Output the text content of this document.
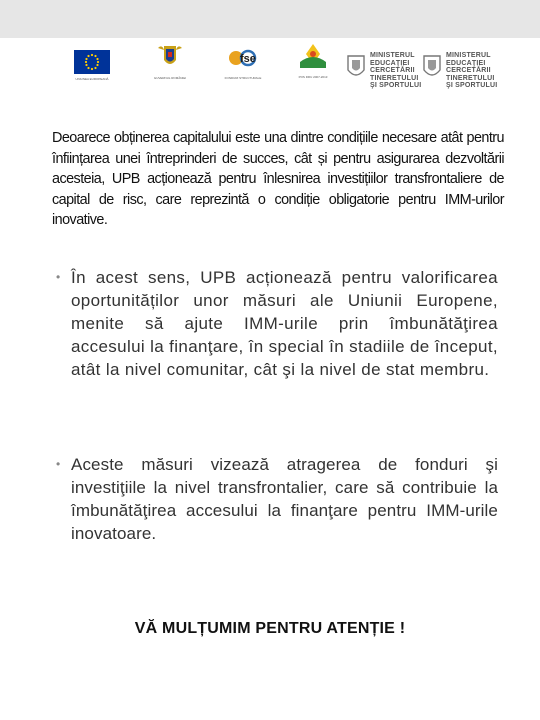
UNIUNEA EUROPEANĂ	GUVERNUL ROMÂNIEI
fse
FONDURI STRUCTURALE	POS DRU 2007-2013
MINISTERUL
EDUCAŢIEI
CERCETĂRII
TINERETULUI
ŞI SPORTULUI
MINISTERUL
EDUCAŢIEI
CERCETĂRII
TINERETULUI
ŞI SPORTULUI

Deoarece obținerea capitalului este una dintre condițiile necesare atât pentru înființarea unei întreprinderi de succes, cât și pentru asigurarea dezvoltării acesteia, UPB acționează pentru înlesnirea investițiilor transfrontaliere de capital de risc, care reprezintă o condiție obligatorie pentru IMM-urilor inovative.

• În acest sens, UPB acționează pentru valorificarea oportunităților unor măsuri ale Uniunii Europene, menite să ajute IMM-urile prin îmbunătăţirea accesului la finanţare, în special în stadiile de început, atât la nivel comunitar, cât şi la nivel de stat membru.
• Aceste măsuri vizează atragerea de fonduri şi investiţiile la nivel transfrontalier, care să contribuie la îmbunătăţirea accesului la finanţare pentru IMM-urile inovatoare.

VĂ MULȚUMIM PENTRU ATENȚIE !
